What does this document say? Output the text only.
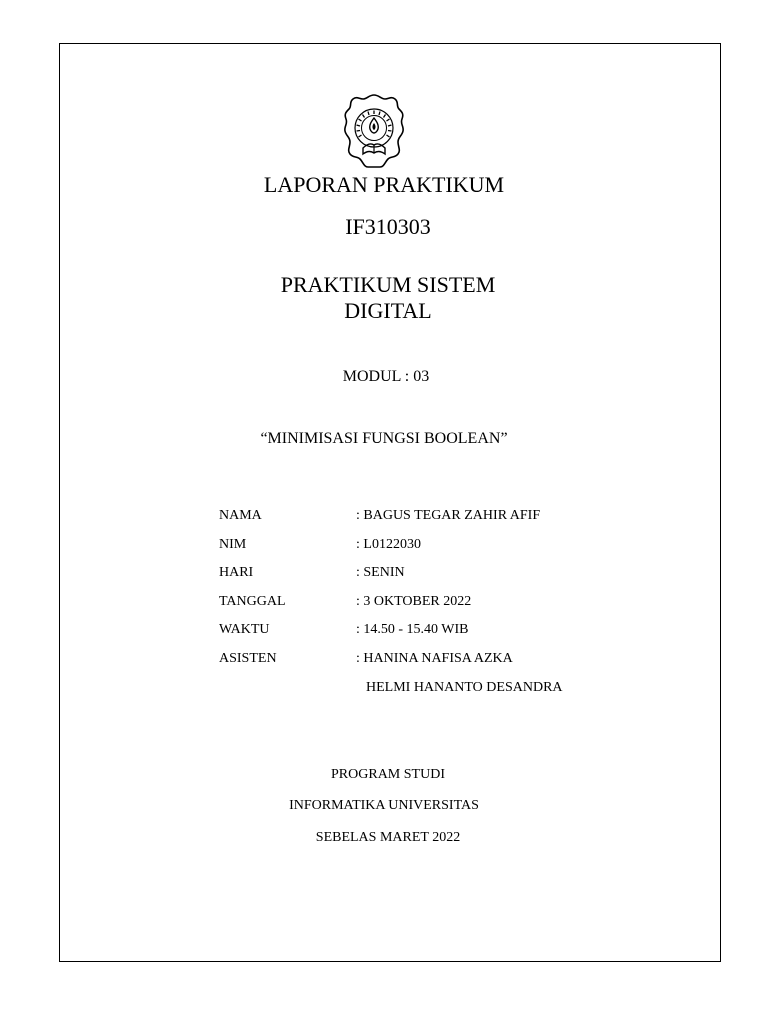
LAPORAN PRAKTIKUM
IF310303
PRAKTIKUM SISTEM
DIGITAL
MODUL : 03
“MINIMISASI FUNGSI BOOLEAN”
NAMA	: BAGUS TEGAR ZAHIR AFIF
NIM	: L0122030
HARI	: SENIN
TANGGAL	: 3 OKTOBER 2022
WAKTU	: 14.50 - 15.40 WIB
ASISTEN	: HANINA NAFISA AZKA
HELMI HANANTO DESANDRA
PROGRAM STUDI
INFORMATIKA UNIVERSITAS
SEBELAS MARET 2022
